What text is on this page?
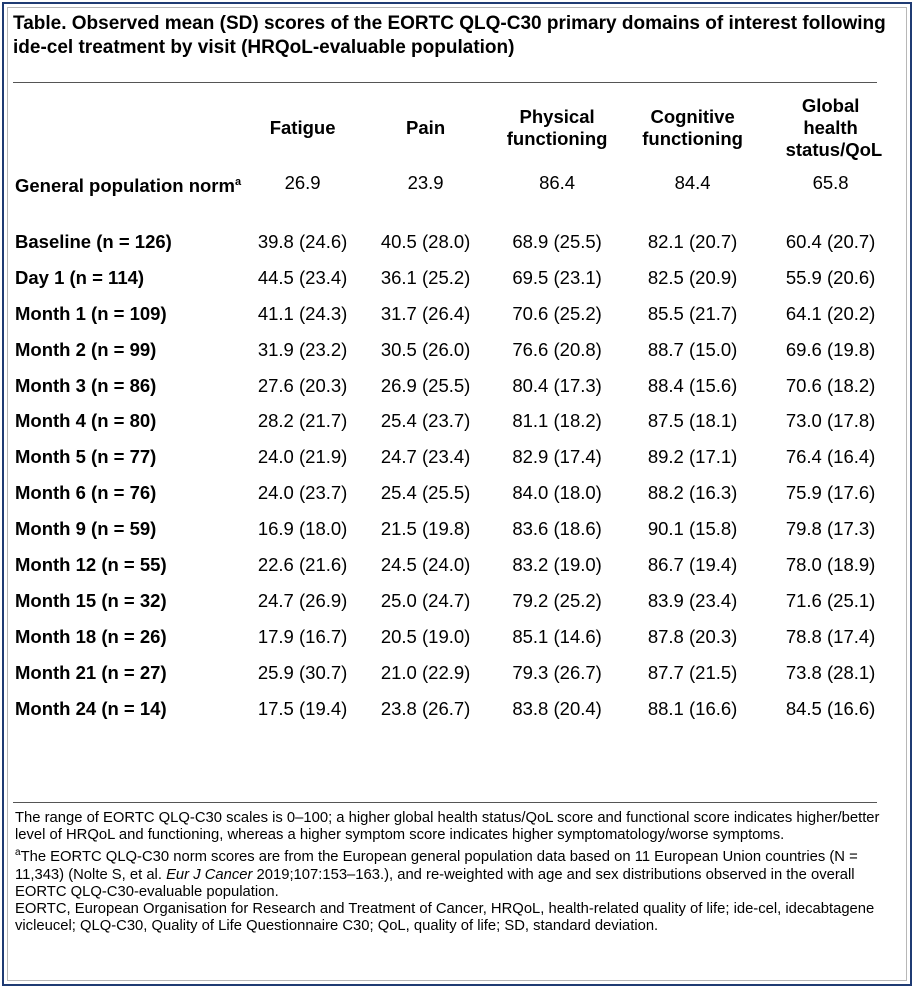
Table. Observed mean (SD) scores of the EORTC QLQ-C30 primary domains of interest following ide-cel treatment by visit (HRQoL-evaluable population)
	Fatigue	Pain	Physical functioning	Cognitive functioning	Global health status/QoL

General population norm$^a$	26.9	23.9	86.4	84.4	65.8
Baseline (n = 126)	39.8 (24.6)	40.5 (28.0)	68.9 (25.5)	82.1 (20.7)	60.4 (20.7)
Day 1 (n = 114)	44.5 (23.4)	36.1 (25.2)	69.5 (23.1)	82.5 (20.9)	55.9 (20.6)
Month 1 (n = 109)	41.1 (24.3)	31.7 (26.4)	70.6 (25.2)	85.5 (21.7)	64.1 (20.2)
Month 2 (n = 99)	31.9 (23.2)	30.5 (26.0)	76.6 (20.8)	88.7 (15.0)	69.6 (19.8)
Month 3 (n = 86)	27.6 (20.3)	26.9 (25.5)	80.4 (17.3)	88.4 (15.6)	70.6 (18.2)
Month 4 (n = 80)	28.2 (21.7)	25.4 (23.7)	81.1 (18.2)	87.5 (18.1)	73.0 (17.8)
Month 5 (n = 77)	24.0 (21.9)	24.7 (23.4)	82.9 (17.4)	89.2 (17.1)	76.4 (16.4)
Month 6 (n = 76)	24.0 (23.7)	25.4 (25.5)	84.0 (18.0)	88.2 (16.3)	75.9 (17.6)
Month 9 (n = 59)	16.9 (18.0)	21.5 (19.8)	83.6 (18.6)	90.1 (15.8)	79.8 (17.3)
Month 12 (n = 55)	22.6 (21.6)	24.5 (24.0)	83.2 (19.0)	86.7 (19.4)	78.0 (18.9)
Month 15 (n = 32)	24.7 (26.9)	25.0 (24.7)	79.2 (25.2)	83.9 (23.4)	71.6 (25.1)
Month 18 (n = 26)	17.9 (16.7)	20.5 (19.0)	85.1 (14.6)	87.8 (20.3)	78.8 (17.4)
Month 21 (n = 27)	25.9 (30.7)	21.0 (22.9)	79.3 (26.7)	87.7 (21.5)	73.8 (28.1)
Month 24 (n = 14)	17.5 (19.4)	23.8 (26.7)	83.8 (20.4)	88.1 (16.6)	84.5 (16.6)

The range of EORTC QLQ-C30 scales is 0–100; a higher global health status/QoL score and functional score indicates higher/better level of HRQoL and functioning, whereas a higher symptom score indicates higher symptomatology/worse symptoms.

$^a$The EORTC QLQ-C30 norm scores are from the European general population data based on 11 European Union countries (N = 11,343) (Nolte S, et al. Eur J Cancer 2019;107:153–163.), and re-weighted with age and sex distributions observed in the overall EORTC QLQ-C30-evaluable population.

EORTC, European Organisation for Research and Treatment of Cancer, HRQoL, health-related quality of life; ide-cel, idecabtagene vicleucel; QLQ-C30, Quality of Life Questionnaire C30; QoL, quality of life; SD, standard deviation.
